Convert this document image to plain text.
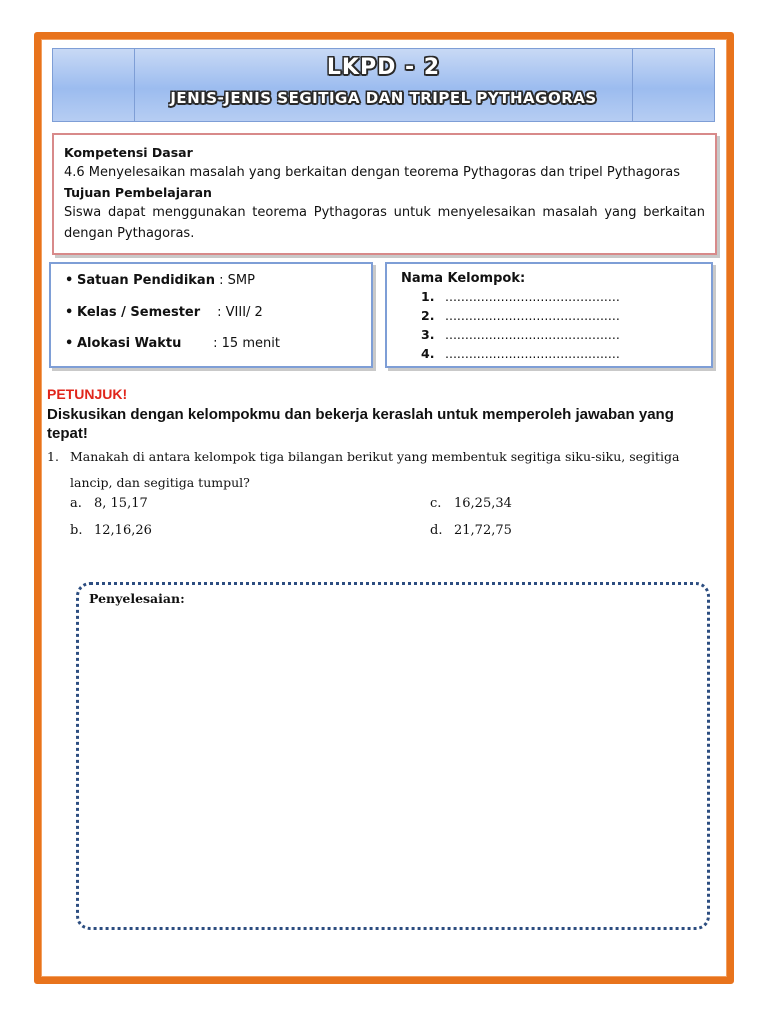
LKPD - 2
JENIS-JENIS SEGITIGA DAN TRIPEL PYTHAGORAS
Kompetensi Dasar
4.6 Menyelesaikan masalah yang berkaitan dengan teorema Pythagoras dan tripel Pythagoras
Tujuan Pembelajaran
Siswa dapat menggunakan teorema Pythagoras untuk menyelesaikan masalah yang berkaitan dengan Pythagoras.
• Satuan Pendidikan : SMP
• Kelas / Semester : VIII/ 2
• Alokasi Waktu : 15 menit
Nama Kelompok:
1. ............................................
2. ............................................
3. ............................................
4. ............................................
PETUNJUK!
Diskusikan dengan kelompokmu dan bekerja keraslah untuk memperoleh jawaban yang tepat!
1. Manakah di antara kelompok tiga bilangan berikut yang membentuk segitiga siku-siku, segitiga lancip, dan segitiga tumpul?
a. 8, 15,17
b. 12,16,26
c. 16,25,34
d. 21,72,75
Penyelesaian:
